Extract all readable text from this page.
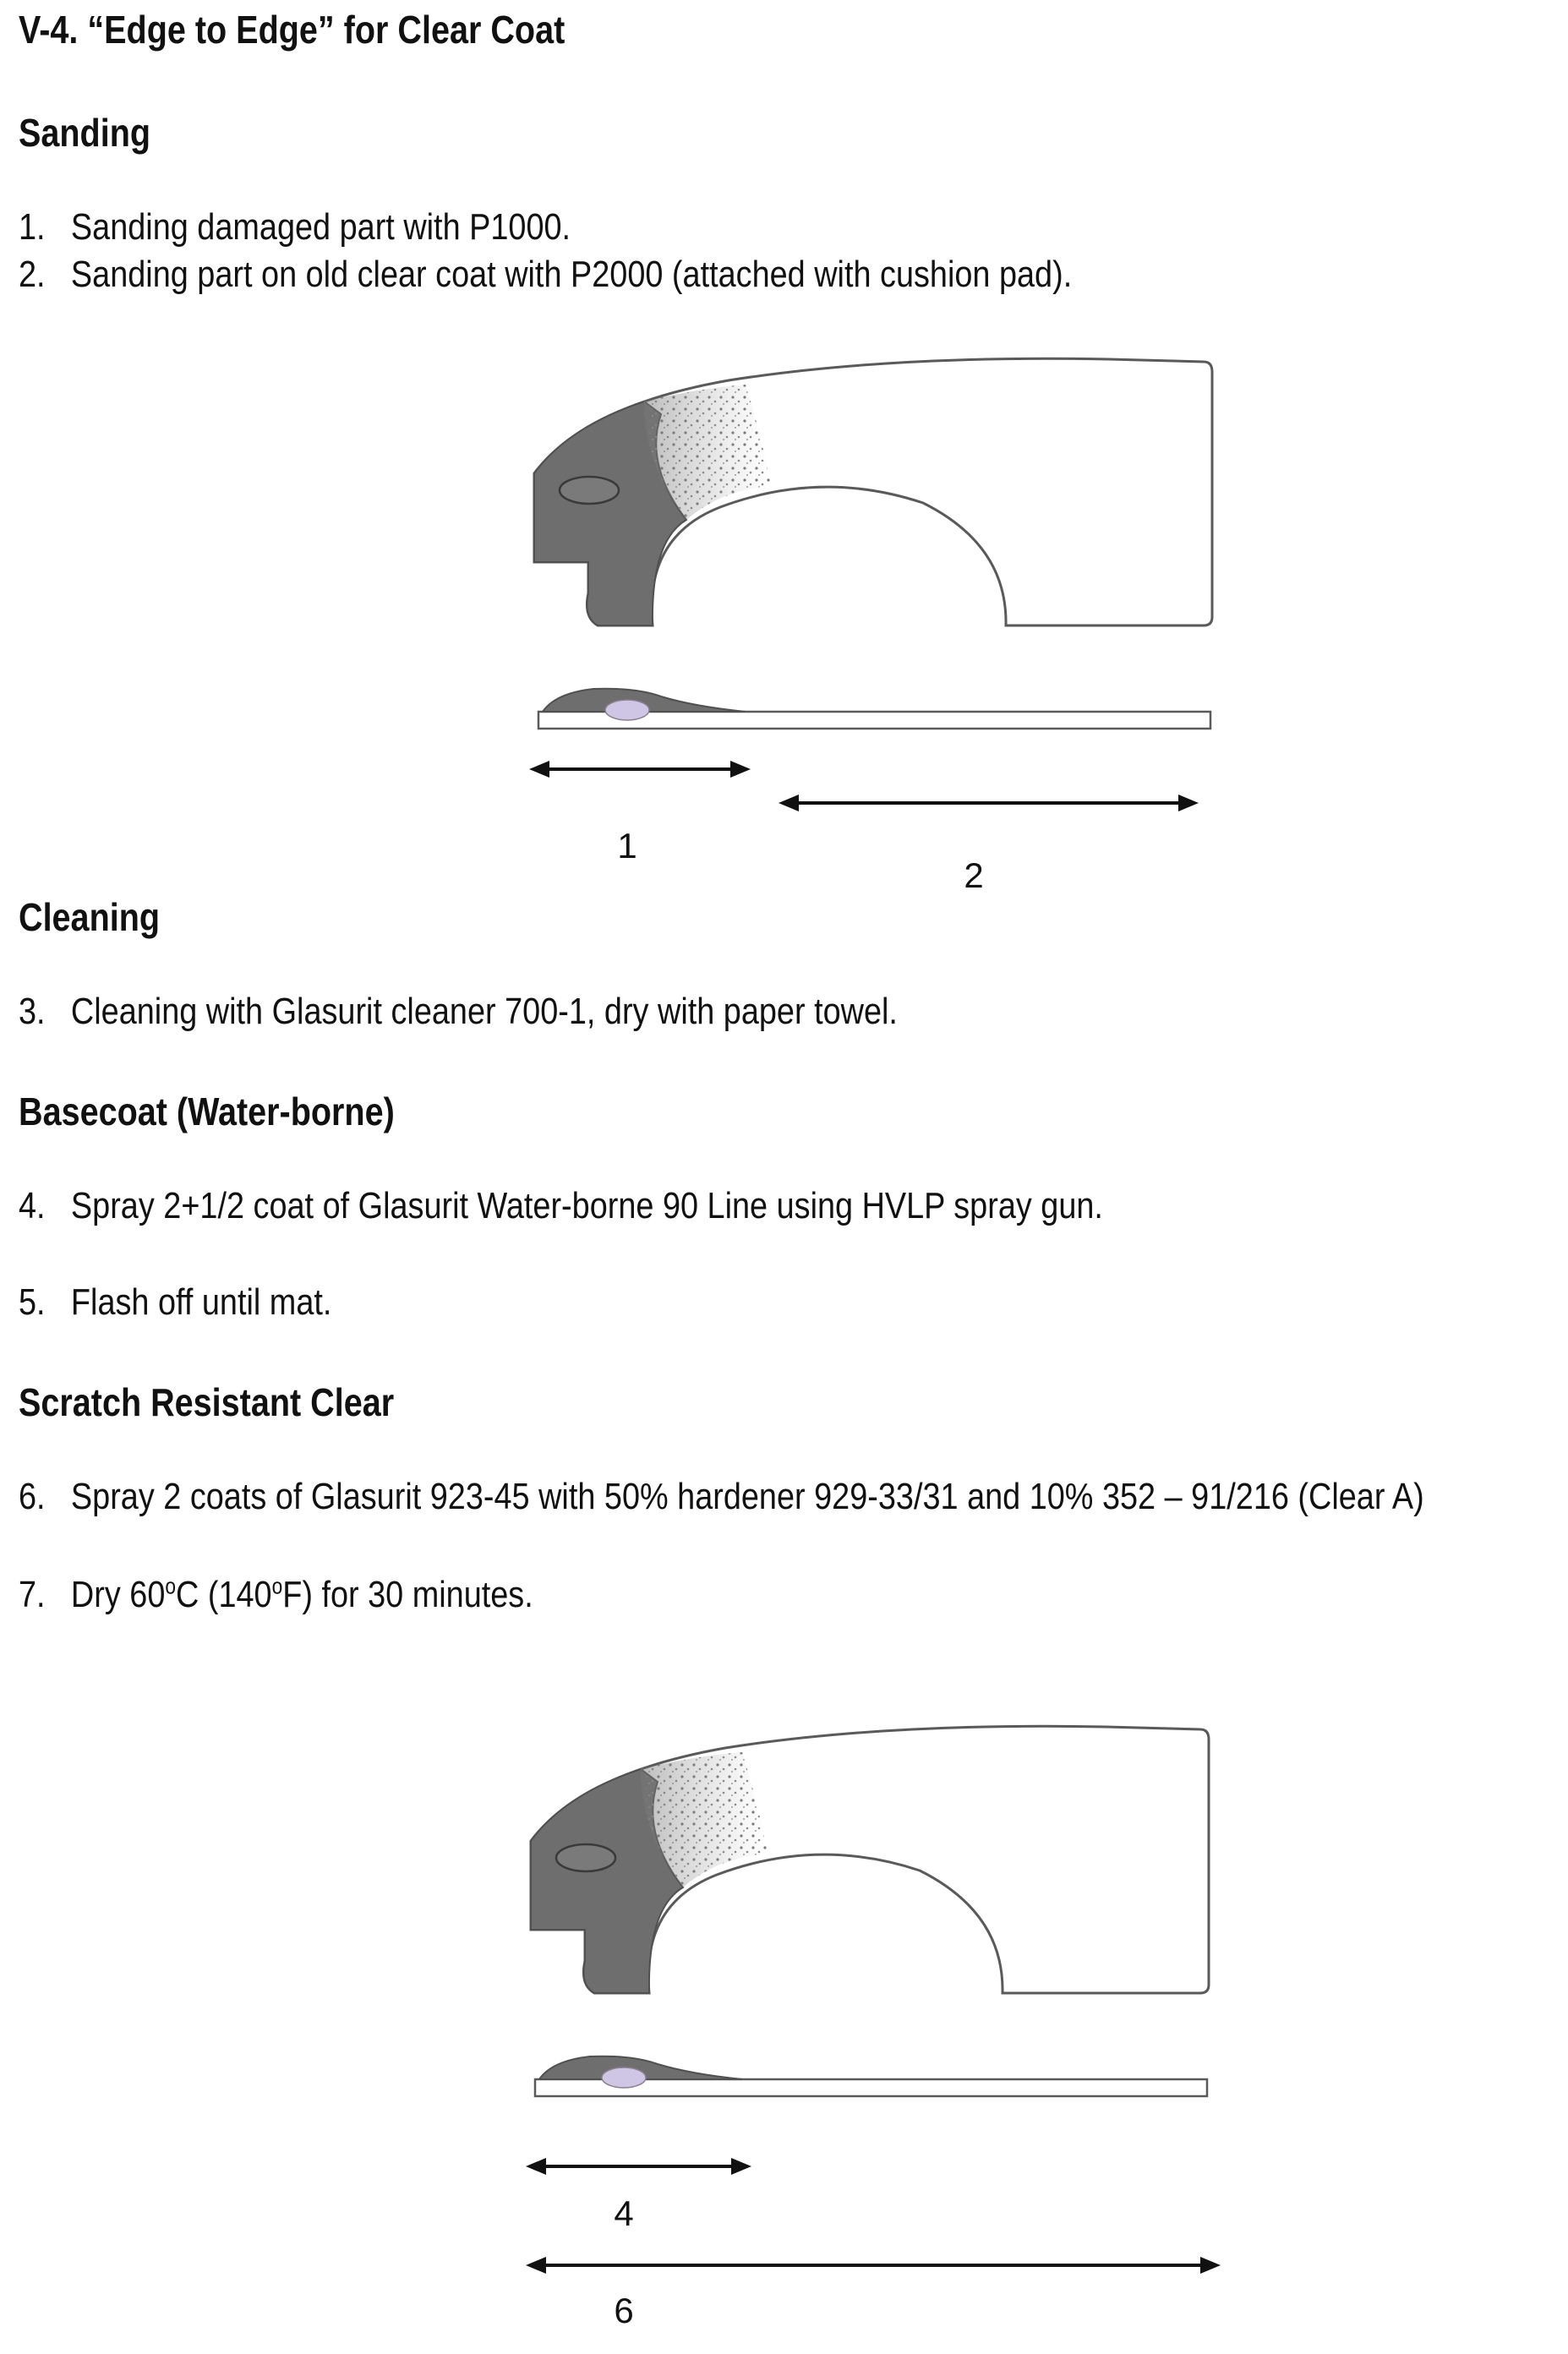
V-4. “Edge to Edge” for Clear Coat
Sanding
1. Sanding damaged part with P1000.
2. Sanding part on old clear coat with P2000 (attached with cushion pad).
1
2
Cleaning
3. Cleaning with Glasurit cleaner 700-1, dry with paper towel.
Basecoat (Water-borne)
4. Spray 2+1/2 coat of Glasurit Water-borne 90 Line using HVLP spray gun.
5. Flash off until mat.
Scratch Resistant Clear
6. Spray 2 coats of Glasurit 923-45 with 50% hardener 929-33/31 and 10% 352 – 91/216 (Clear A)
7. Dry 60$^o$C (140$^o$F) for 30 minutes.
4
6
